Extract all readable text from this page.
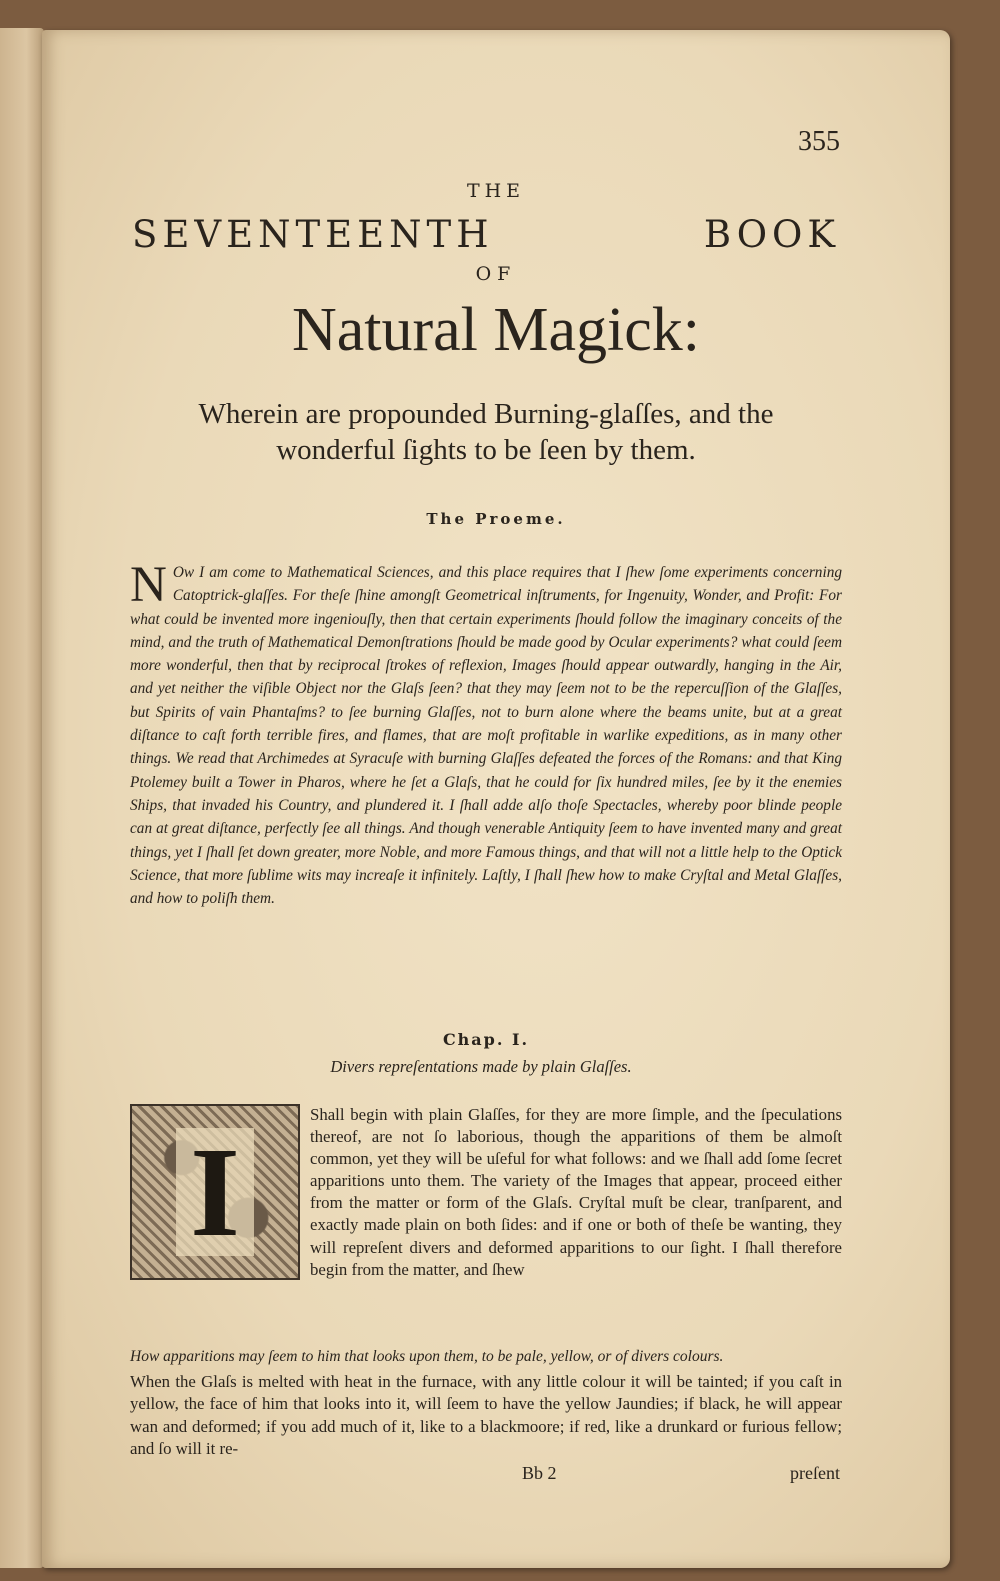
355

THE

SEVENTEENTH	BOOK

OF

Natural Magick:

Wherein are propounded Burning-glaſſes, and the
wonderful ſights to be ſeen by them.

The Proeme.

N Ow I am come to Mathematical Sciences, and this place requires that I ſhew ſome experiments concerning Catoptrick-glaſſes. For theſe ſhine amongſt Geometrical inſtruments, for Ingenuity, Wonder, and Profit: For what could be invented more ingeniouſly, then that certain experiments ſhould follow the imaginary conceits of the mind, and the truth of Mathematical Demonſtrations ſhould be made good by Ocular experiments? what could ſeem more wonderful, then that by reciprocal ſtrokes of reflexion, Images ſhould appear outwardly, hanging in the Air, and yet neither the viſible Object nor the Glaſs ſeen? that they may ſeem not to be the repercuſſion of the Glaſſes, but Spirits of vain Phantaſms? to ſee burning Glaſſes, not to burn alone where the beams unite, but at a great diſtance to caſt forth terrible fires, and flames, that are moſt profitable in warlike expeditions, as in many other things. We read that Archimedes at Syracuſe with burning Glaſſes defeated the forces of the Romans: and that King Ptolemey built a Tower in Pharos, where he ſet a Glaſs, that he could for ſix hundred miles, ſee by it the enemies Ships, that invaded his Country, and plundered it. I ſhall adde alſo thoſe Spectacles, whereby poor blinde people can at great diſtance, perfectly ſee all things. And though venerable Antiquity ſeem to have invented many and great things, yet I ſhall ſet down greater, more Noble, and more Famous things, and that will not a little help to the Optick Science, that more ſublime wits may increaſe it infinitely. Laſtly, I ſhall ſhew how to make Cryſtal and Metal Glaſſes, and how to poliſh them.

Chap. I.

Divers repreſentations made by plain Glaſſes.

I
Shall begin with plain Glaſſes, for they are more ſimple, and the ſpeculations thereof, are not ſo laborious, though the apparitions of them be almoſt common, yet they will be uſeful for what follows: and we ſhall add ſome ſecret apparitions unto them. The variety of the Images that appear, proceed either from the matter or form of the Glaſs. Cryſtal muſt be clear, tranſparent, and exactly made plain on both ſides: and if one or both of theſe be wanting, they will repreſent divers and deformed apparitions to our ſight. I ſhall therefore begin from the matter, and ſhew

How apparitions may ſeem to him that looks upon them, to be pale, yellow, or of divers colours.

When the Glaſs is melted with heat in the furnace, with any little colour it will be tainted; if you caſt in yellow, the face of him that looks into it, will ſeem to have the yellow Jaundies; if black, he will appear wan and deformed; if you add much of it, like to a blackmoore; if red, like a drunkard or furious fellow; and ſo will it re-

Bb 2	preſent
